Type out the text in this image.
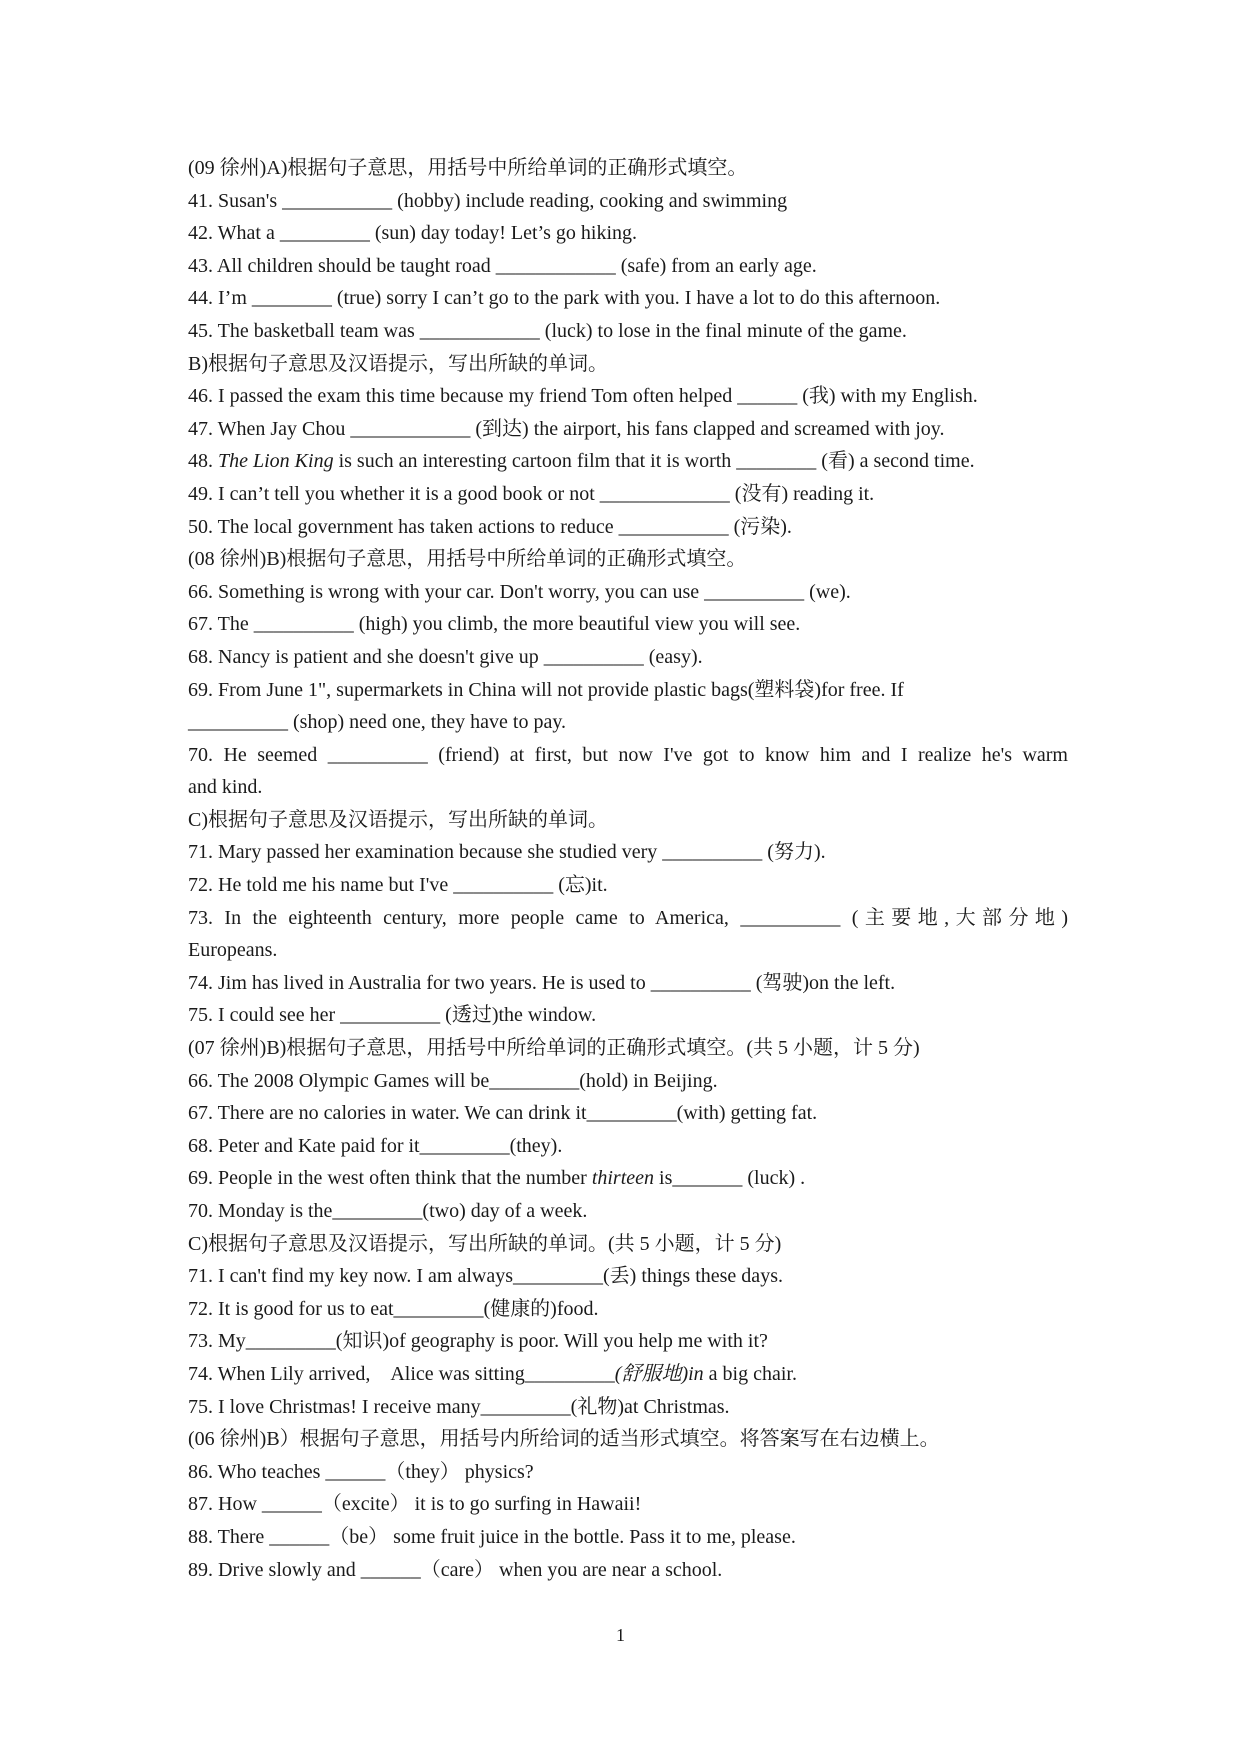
(09 徐州)A)根据句子意思，用括号中所给单词的正确形式填空。
41. Susan's ___________ (hobby) include reading, cooking and swimming
42. What a _________ (sun) day today! Let’s go hiking.
43. All children should be taught road ____________ (safe) from an early age.
44. I’m ________ (true) sorry I can’t go to the park with you. I have a lot to do this afternoon.
45. The basketball team was ____________ (luck) to lose in the final minute of the game.
B)根据句子意思及汉语提示，写出所缺的单词。
46. I passed the exam this time because my friend Tom often helped ______ (我) with my English.
47. When Jay Chou ____________ (到达) the airport, his fans clapped and screamed with joy.
48. The Lion King is such an interesting cartoon film that it is worth ________ (看) a second time.
49. I can’t tell you whether it is a good book or not _____________ (没有) reading it.
50. The local government has taken actions to reduce ___________ (污染).
(08 徐州)B)根据句子意思，用括号中所给单词的正确形式填空。
66. Something is wrong with your car. Don't worry, you can use __________ (we).
67. The __________ (high) you climb, the more beautiful view you will see.
68. Nancy is patient and she doesn't give up __________ (easy).
69. From June 1", supermarkets in China will not provide plastic bags(塑料袋)for free. If
__________ (shop) need one, they have to pay.
70. He seemed __________ (friend) at first, but now I've got to know him and I realize he's warm
and kind.
C)根据句子意思及汉语提示，写出所缺的单词。
71. Mary passed her examination because she studied very __________ (努力).
72. He told me his name but I've __________ (忘)it.
73. In the eighteenth century, more people came to America, __________ (主要地,大部分地)
Europeans.
74. Jim has lived in Australia for two years. He is used to __________ (驾驶)on the left.
75. I could see her __________ (透过)the window.
(07 徐州)B)根据句子意思，用括号中所给单词的正确形式填空。(共 5 小题，计 5 分)
66. The 2008 Olympic Games will be_________(hold) in Beijing.
67. There are no calories in water. We can drink it_________(with) getting fat.
68. Peter and Kate paid for it_________(they).
69. People in the west often think that the number thirteen is_______ (luck) .
70. Monday is the_________(two) day of a week.
C)根据句子意思及汉语提示，写出所缺的单词。(共 5 小题，计 5 分)
71. I can't find my key now. I am always_________(丢) things these days.
72. It is good for us to eat_________(健康的)food.
73. My_________(知识)of geography is poor. Will you help me with it?
74. When Lily arrived,　Alice was sitting_________(舒服地)in a big chair.
75. I love Christmas! I receive many_________(礼物)at Christmas.
(06 徐州)B）根据句子意思，用括号内所给词的适当形式填空。将答案写在右边横上。
86. Who teaches ______（they） physics?
87. How ______（excite） it is to go surfing in Hawaii!
88. There ______（be） some fruit juice in the bottle. Pass it to me, please.
89. Drive slowly and ______（care） when you are near a school.
1
